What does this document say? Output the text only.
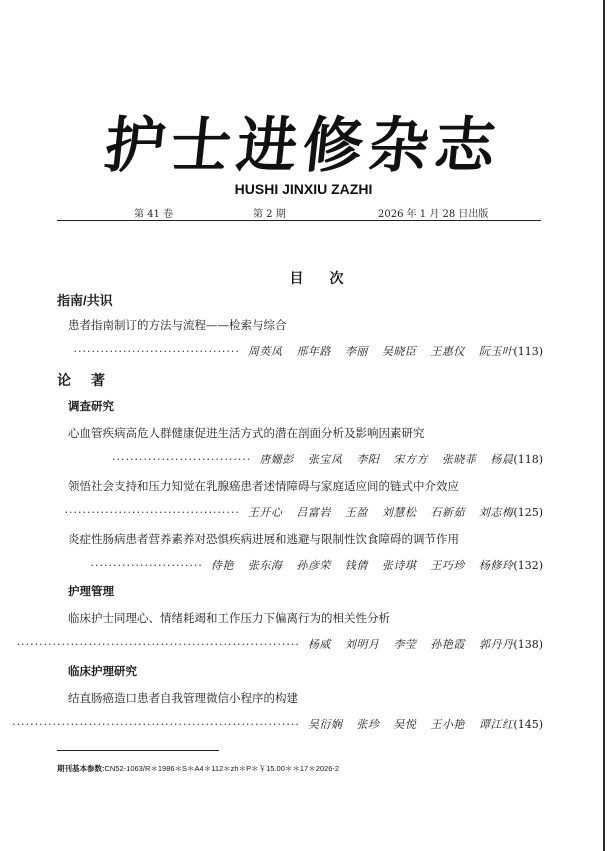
护士进修杂志
HUSHI JINXIU ZAZHI
第 41 卷	第 2 期	2026 年 1 月 28 日出版
目次
指南/共识
患者指南制订的方法与流程——检索与综合
····································· 周英凤 邢年路 李丽 吴晓臣 王惠仪 阮玉叶 (113)
论著
调查研究
心血管疾病高危人群健康促进生活方式的潜在剖面分析及影响因素研究
······························· 唐姗彭 张宝凤 李阳 宋方方 张晓菲 杨晨 (118)
领悟社会支持和压力知觉在乳腺癌患者述情障碍与家庭适应间的链式中介效应
······································· 王开心 吕富岩 王盈 刘慧松 石新茹 刘志梅 (125)
炎症性肠病患者营养素养对恐惧疾病进展和逃避与限制性饮食障碍的调节作用
························· 侍艳 张东海 孙彦荣 钱倩 张诗琪 王巧珍 杨修玲 (132)
护理管理
临床护士同理心、情绪耗竭和工作压力下偏离行为的相关性分析
······························································· 杨威 刘明月 李莹 孙艳霞 郭丹丹 (138)
临床护理研究
结直肠癌造口患者自我管理微信小程序的构建
································································ 吴衍娴 张珍 吴悦 王小艳 谭江红 (145)
期刊基本参数:CN52-1063/R＊1986＊S＊A4＊112＊zh＊P＊￥15.00＊＊17＊2026-2
